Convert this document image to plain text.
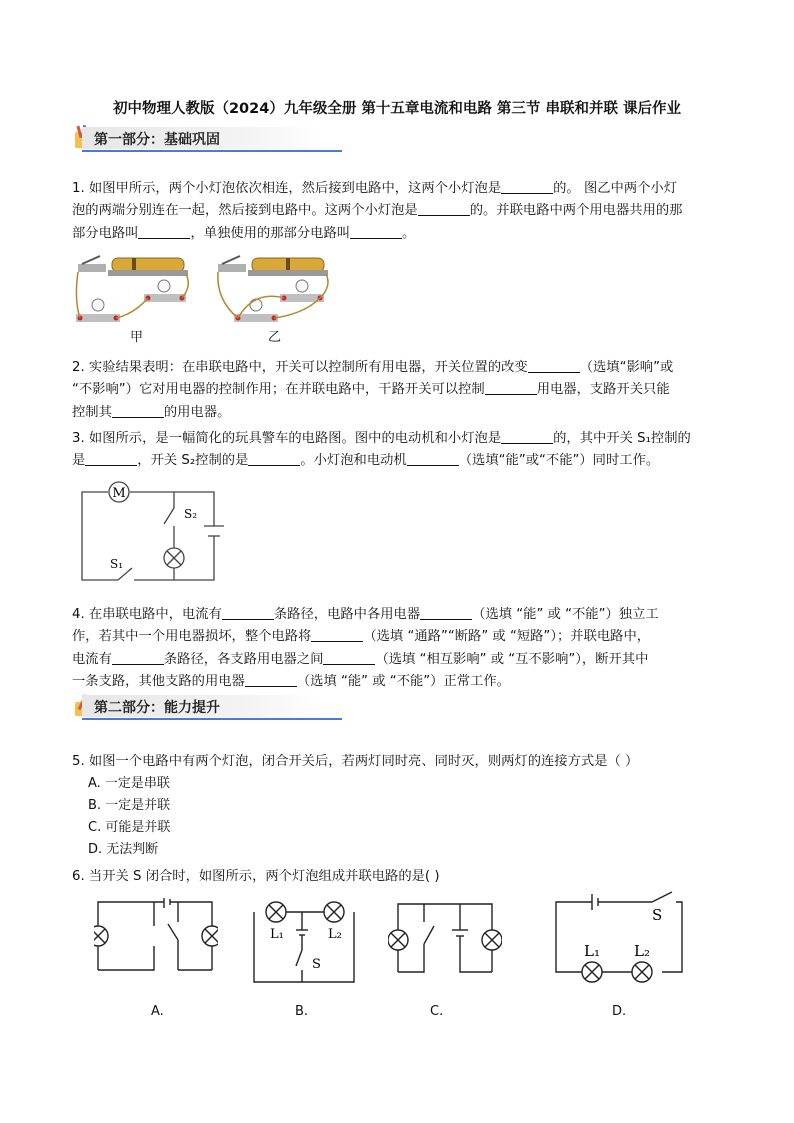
初中物理人教版（2024）九年级全册 第十五章电流和电路 第三节 串联和并联 课后作业
第一部分：基础巩固
1. 如图甲所示，两个小灯泡依次相连，然后接到电路中，这两个小灯泡是	的。 图乙中两个小灯
泡的两端分别连在一起，然后接到电路中。这两个小灯泡是	的。并联电路中两个用电器共用的那
部分电路叫	，单独使用的那部分电路叫	。
甲	乙
2. 实验结果表明：在串联电路中，开关可以控制所有用电器，开关位置的改变	（选填“影响”或
“不影响”）它对用电器的控制作用；在并联电路中，干路开关可以控制	用电器，支路开关只能
控制其	的用电器。
3. 如图所示，是一幅简化的玩具警车的电路图。图中的电动机和小灯泡是	的，其中开关 S₁控制的
是	，开关 S₂控制的是	。小灯泡和电动机	（选填“能”或“不能”）同时工作。
M
S₂
S₁
4. 在串联电路中，电流有	条路径，电路中各用电器	（选填 “能” 或 “不能”）独立工
作，若其中一个用电器损坏，整个电路将	（选填 “通路”“断路” 或 “短路”）；并联电路中，
电流有	条路径，各支路用电器之间	（选填 “相互影响” 或 “互不影响”），断开其中
一条支路，其他支路的用电器	（选填 “能” 或 “不能”）正常工作。
第二部分：能力提升
5. 如图一个电路中有两个灯泡，闭合开关后，若两灯同时亮、同时灭，则两灯的连接方式是（ ）
A. 一定是串联
B. 一定是并联
C. 可能是并联
D. 无法判断
6. 当开关 S 闭合时，如图所示，两个灯泡组成并联电路的是( )
A.
L₁	L₂
S
B.	C.
S
L₁ L₂
D.
